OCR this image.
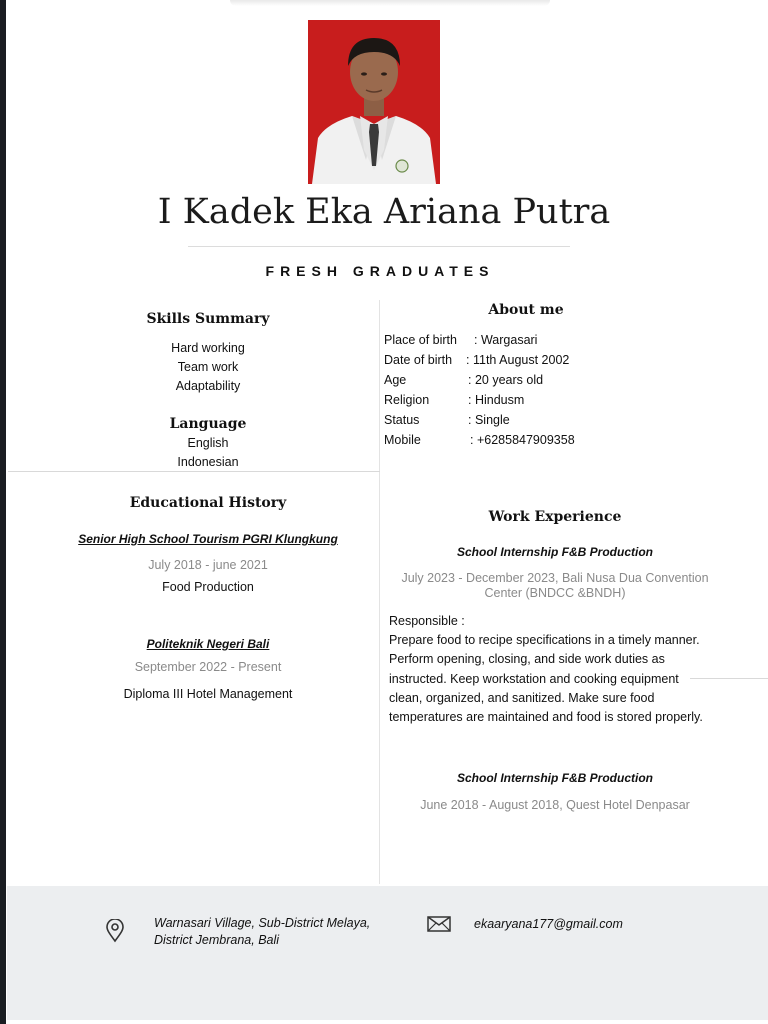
I Kadek Eka Ariana Putra
FRESH GRADUATES
Skills Summary
Hard working
Team work
Adaptability
Language
English
Indonesian
About me
Place of birth : Wargasari
Date of birth : 11th August 2002
Age	: 20 years old
Religion	: Hindusm
Status	: Single
Mobile	: +6285847909358
Educational History
Senior High School Tourism PGRI Klungkung
July 2018 - june 2021
Food Production
Politeknik Negeri Bali
September 2022 - Present
Diploma III Hotel Management
Work Experience
School Internship F&B Production
July 2023 - December 2023, Bali Nusa Dua Convention
Center (BNDCC &BNDH)
Responsible :
Prepare food to recipe specifications in a timely manner.
Perform opening, closing, and side work duties as
instructed. Keep workstation and cooking equipment
clean, organized, and sanitized. Make sure food
temperatures are maintained and food is stored properly.
School Internship F&B Production
June 2018 - August 2018, Quest Hotel Denpasar
Warnasari Village, Sub-District Melaya,
District Jembrana, Bali
ekaaryana177@gmail.com
